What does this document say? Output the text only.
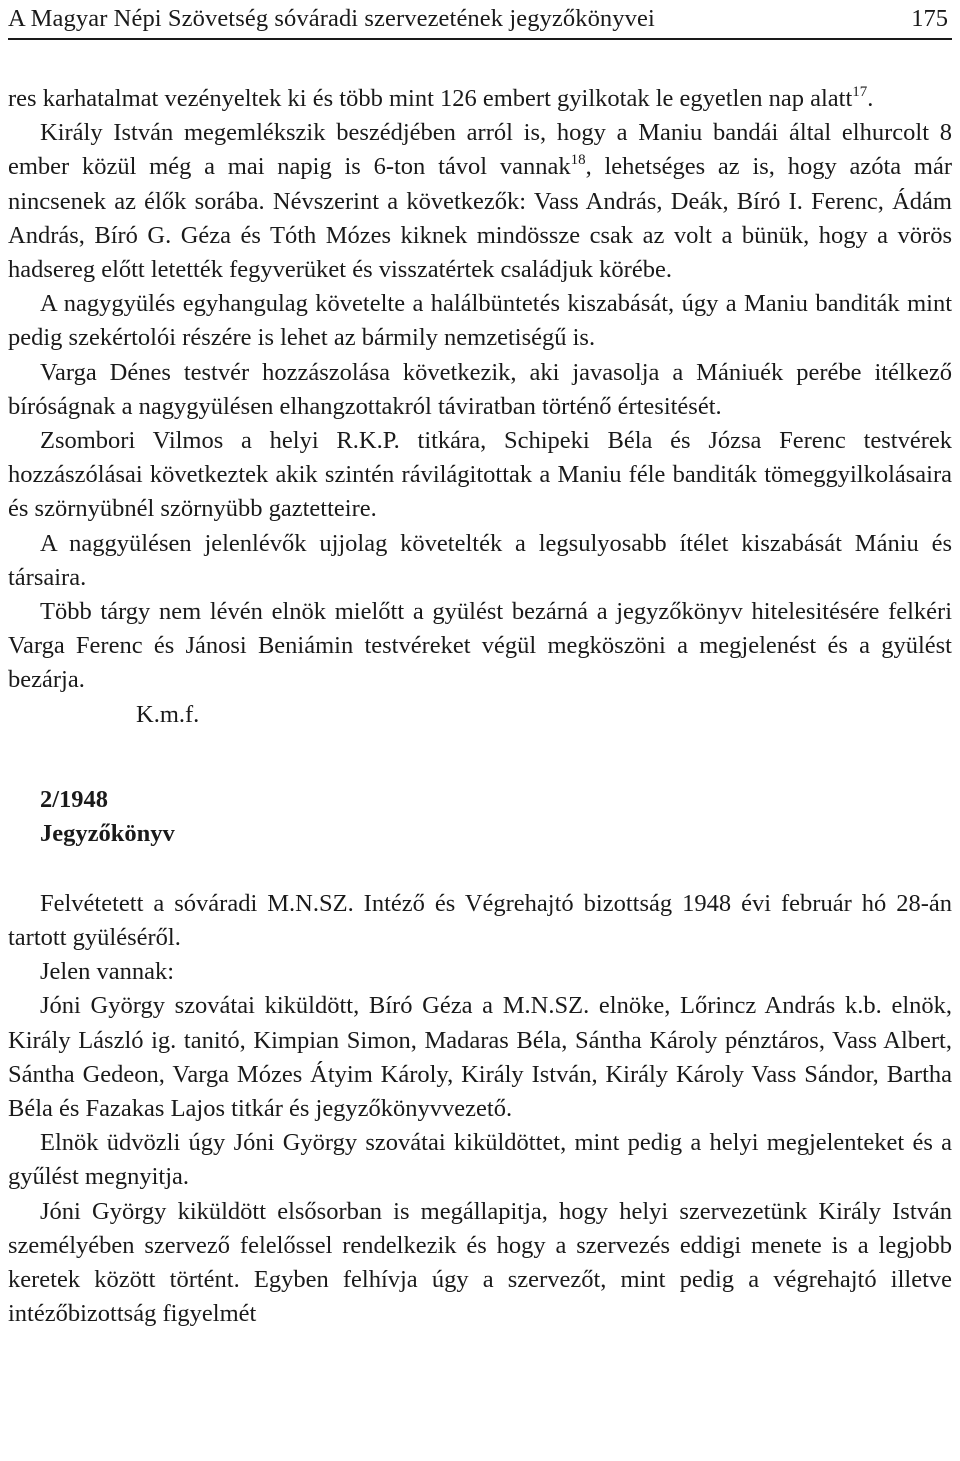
A Magyar Népi Szövetség sóváradi szervezetének jegyzőkönyvei	175

res karhatalmat vezényeltek ki és több mint 126 embert gyilkotak le egyetlen nap alatt$^{17}$.

Király István megemlékszik beszédjében arról is, hogy a Maniu bandái által elhurcolt 8 ember közül még a mai napig is 6-ton távol vannak$^{18}$, lehetséges az is, hogy azóta már nincsenek az élők sorába. Névszerint a következők: Vass András, Deák, Bíró I. Ferenc, Ádám András, Bíró G. Géza és Tóth Mózes kiknek mindössze csak az volt a bünük, hogy a vörös hadsereg előtt letették fegyverüket és visszatértek családjuk körébe.

A nagygyülés egyhangulag követelte a halálbüntetés kiszabását, úgy a Maniu banditák mint pedig szekértolói részére is lehet az bármily nemzetiségű is.

Varga Dénes testvér hozzászolása következik, aki javasolja a Mániuék perébe itélkező bíróságnak a nagygyülésen elhangzottakról táviratban történő értesitését.

Zsombori Vilmos a helyi R.K.P. titkára, Schipeki Béla és Józsa Ferenc testvérek hozzászólásai következtek akik szintén rávilágitottak a Maniu féle banditák tömeggyilkolásaira és szörnyübnél szörnyübb gaztetteire.

A naggyülésen jelenlévők ujjolag követelték a legsulyosabb ítélet kiszabását Mániu és társaira.

Több tárgy nem lévén elnök mielőtt a gyülést bezárná a jegyzőkönyv hitelesitésére felkéri Varga Ferenc és Jánosi Beniámin testvéreket végül megköszöni a megjelenést és a gyülést bezárja.

K.m.f.

2/1948
Jegyzőkönyv

Felvétetett a sóváradi M.N.SZ. Intéző és Végrehajtó bizottság 1948 évi február hó 28-án tartott gyüléséről.

Jelen vannak:

Jóni György szovátai kiküldött, Bíró Géza a M.N.SZ. elnöke, Lőrincz András k.b. elnök, Király László ig. tanitó, Kimpian Simon, Madaras Béla, Sántha Károly pénztáros, Vass Albert, Sántha Gedeon, Varga Mózes Átyim Károly, Király István, Király Károly Vass Sándor, Bartha Béla és Fazakas Lajos titkár és jegyzőkönyvvezető.

Elnök üdvözli úgy Jóni György szovátai kiküldöttet, mint pedig a helyi megjelenteket és a gyűlést megnyitja.

Jóni György kiküldött elsősorban is megállapitja, hogy helyi szervezetünk Király István személyében szervező felelőssel rendelkezik és hogy a szervezés eddigi menete is a legjobb keretek között történt. Egyben felhívja úgy a szervezőt, mint pedig a végrehajtó illetve intézőbizottság figyelmét
